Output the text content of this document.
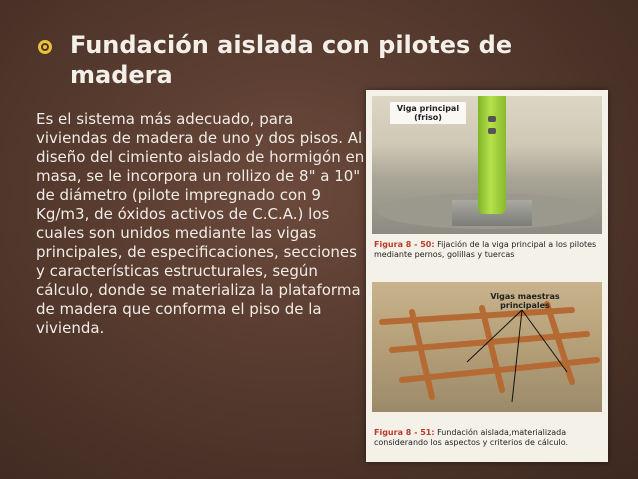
Fundación aislada con pilotes de madera
Es el sistema más adecuado, para viviendas de madera de uno y dos pisos. Al diseño del cimiento aislado de hormigón en masa, se le incorpora un rollizo de 8" a 10" de diámetro (pilote impregnado con 9 Kg/m3, de óxidos activos de C.C.A.) los cuales son unidos mediante las vigas principales, de especificaciones, secciones y características estructurales, según cálculo, donde se materializa la plataforma de madera que conforma el piso de la vivienda.
Viga principal (friso)
Figura 8 - 50: Fijación de la viga principal a los pilotes mediante pernos, golillas y tuercas
Vigas maestras principales
Figura 8 - 51: Fundación aislada,materializada considerando los aspectos y criterios de cálculo.
